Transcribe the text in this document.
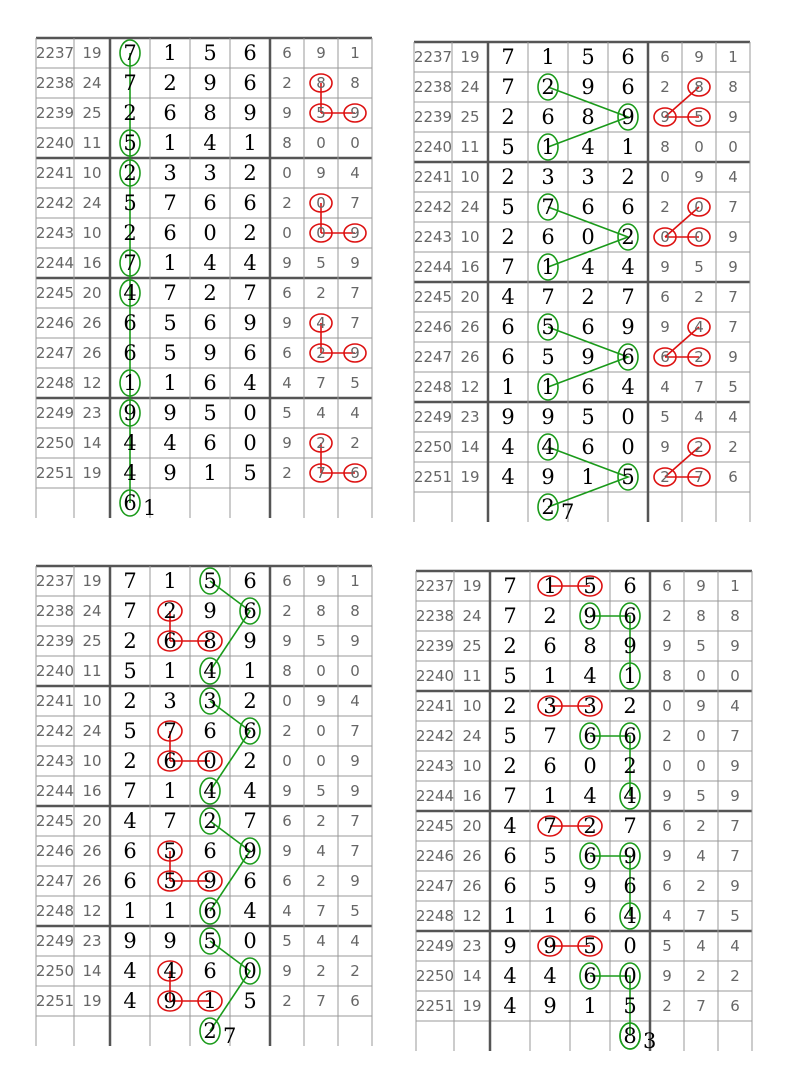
2237 19 7 1 5 6 6 9 1
2238 24 7 2 9 6 2 8 8
2239 25 2 6 8 9 9 5 9
2240 11 5 1 4 1 8 0 0
2241 10 2 3 3 2 0 9 4
2242 24 5 7 6 6 2 0 7
2243 10 2 6 0 2 0 0 9
2244 16 7 1 4 4 9 5 9
2245 20 4 7 2 7 6 2 7
2246 26 6 5 6 9 9 4 7
2247 26 6 5 9 6 6 2 9
2248 12 1 1 6 4 4 7 5
2249 23 9 9 5 0 5 4 4
2250 14 4 4 6 0 9 2 2
2251 19 4 9 1 5 2 7 6
6 1
2237 19 7 1 5 6 6 9 1
2238 24 7 2 9 6 2 8 8
2239 25 2 6 8 9 9 5 9
2240 11 5 1 4 1 8 0 0
2241 10 2 3 3 2 0 9 4
2242 24 5 7 6 6 2 0 7
2243 10 2 6 0 2 0 0 9
2244 16 7 1 4 4 9 5 9
2245 20 4 7 2 7 6 2 7
2246 26 6 5 6 9 9 4 7
2247 26 6 5 9 6 6 2 9
2248 12 1 1 6 4 4 7 5
2249 23 9 9 5 0 5 4 4
2250 14 4 4 6 0 9 2 2
2251 19 4 9 1 5 2 7 6
2 7
2237 19 7 1 5 6 6 9 1
2238 24 7 2 9 6 2 8 8
2239 25 2 6 8 9 9 5 9
2240 11 5 1 4 1 8 0 0
2241 10 2 3 3 2 0 9 4
2242 24 5 7 6 6 2 0 7
2243 10 2 6 0 2 0 0 9
2244 16 7 1 4 4 9 5 9
2245 20 4 7 2 7 6 2 7
2246 26 6 5 6 9 9 4 7
2247 26 6 5 9 6 6 2 9
2248 12 1 1 6 4 4 7 5
2249 23 9 9 5 0 5 4 4
2250 14 4 4 6 0 9 2 2
2251 19 4 9 1 5 2 7 6
2 7
2237 19 7 1 5 6 6 9 1
2238 24 7 2 9 6 2 8 8
2239 25 2 6 8 9 9 5 9
2240 11 5 1 4 1 8 0 0
2241 10 2 3 3 2 0 9 4
2242 24 5 7 6 6 2 0 7
2243 10 2 6 0 2 0 0 9
2244 16 7 1 4 4 9 5 9
2245 20 4 7 2 7 6 2 7
2246 26 6 5 6 9 9 4 7
2247 26 6 5 9 6 6 2 9
2248 12 1 1 6 4 4 7 5
2249 23 9 9 5 0 5 4 4
2250 14 4 4 6 0 9 2 2
2251 19 4 9 1 5 2 7 6
8 3
